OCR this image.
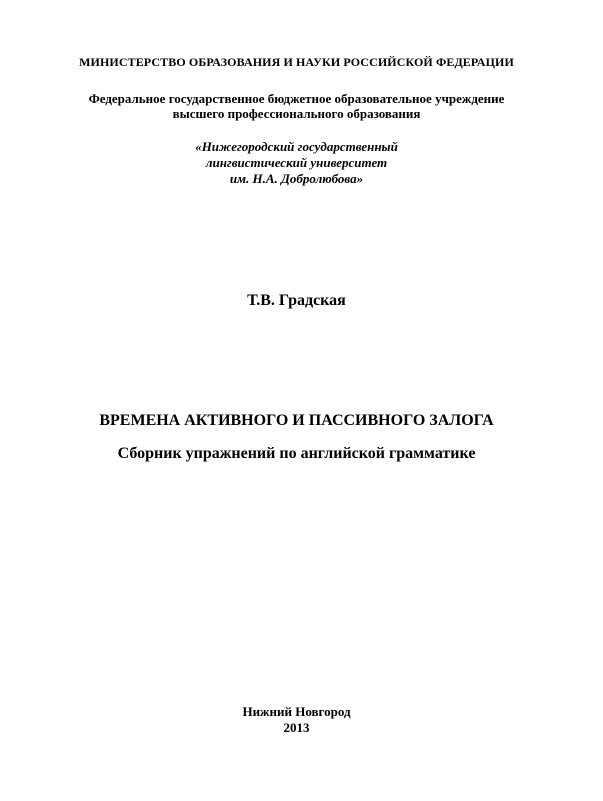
МИНИСТЕРСТВО ОБРАЗОВАНИЯ И НАУКИ РОССИЙСКОЙ ФЕДЕРАЦИИ
Федеральное государственное бюджетное образовательное учреждение
высшего профессионального образования
«Нижегородский государственный
лингвистический университет
им. Н.А. Добролюбова»
Т.В. Градская
ВРЕМЕНА АКТИВНОГО И ПАССИВНОГО ЗАЛОГА
Сборник упражнений по английской грамматике
Нижний Новгород
2013
